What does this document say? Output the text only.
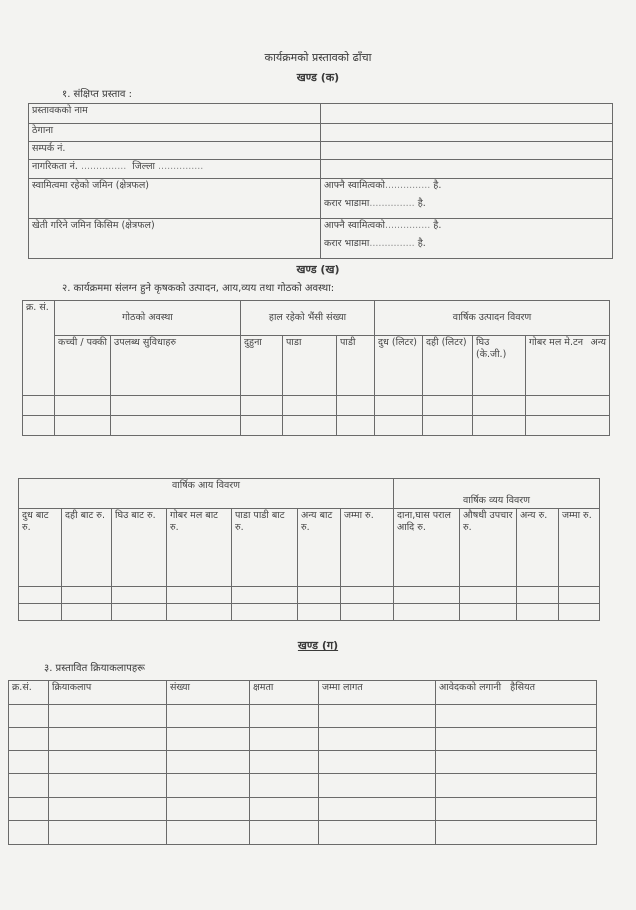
कार्यक्रमको प्रस्तावको ढाँचा
खण्ड (क)
१. संक्षिप्त प्रस्ताव :
प्रस्तावकको नाम	
ठेगाना	
सम्पर्क नं.	
नागरिकता नं. ............... जिल्ला ...............	
स्वामित्वमा रहेको जमिन (क्षेत्रफल)	आफ्नै स्वामित्वको............... है.
करार भाडामा............... है.

खेती गरिने जमिन किसिम (क्षेत्रफल)	आफ्नै स्वामित्वको............... है.
करार भाडामा............... है.
खण्ड (ख)
२. कार्यक्रममा संलग्न हुने कृषकको उत्पादन, आय,व्यय तथा गोठको अवस्था:
क्र. सं.	गोठको अवस्था		हाल रहेको भैंसी संख्या			वार्षिक उत्पादन विवरण			
	कच्ची / पक्की	उपलब्ध सुविधाहरु	दुहुना	पाडा	पाडी	दुध (लिटर)	दही (लिटर)	घिउ (के.जी.)	गोबर मल मे.टन अन्य

वार्षिक आय विवरण							वार्षिक व्यय विवरण			
दुध बाट रु.	दही बाट रु.	घिउ बाट रु.	गोबर मल बाट रु.	पाडा पाडी बाट रु.	अन्य बाट रु.	जम्मा रु.	दाना,घास पराल आदि रु.	औषधी उपचार रु.	अन्य रु.	जम्मा रु.

खण्ड (ग)
३. प्रस्तावित क्रियाकलापहरू
क्र.सं.	क्रियाकलाप	संख्या	क्षमता	जम्मा लागत	आवेदकको लगानी हैसियत
